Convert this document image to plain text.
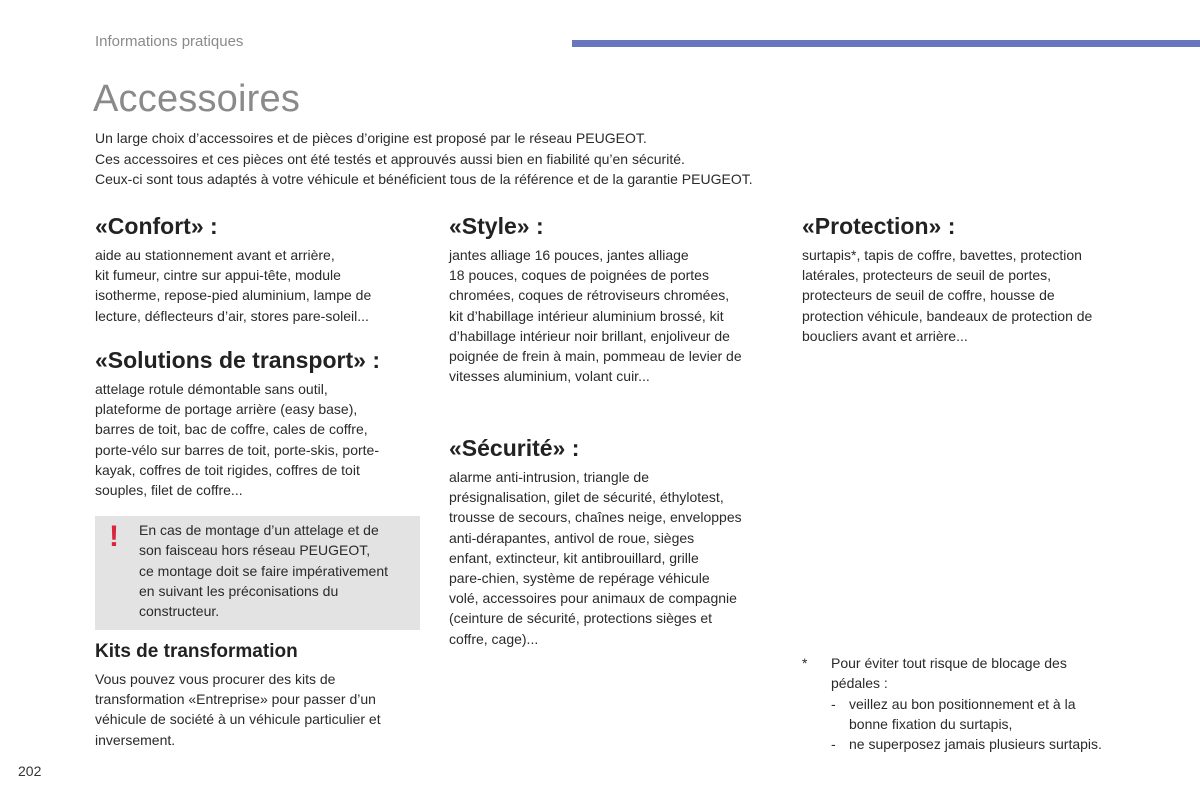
Informations pratiques
Accessoires
Un large choix d’accessoires et de pièces d’origine est proposé par le réseau PEUGEOT.
Ces accessoires et ces pièces ont été testés et approuvés aussi bien en fiabilité qu’en sécurité.
Ceux-ci sont tous adaptés à votre véhicule et bénéficient tous de la référence et de la garantie PEUGEOT.
«Confort» :
aide au stationnement avant et arrière,
kit fumeur, cintre sur appui-tête, module
isotherme, repose-pied aluminium, lampe de
lecture, déflecteurs d’air, stores pare-soleil...
«Solutions de transport» :
attelage rotule démontable sans outil,
plateforme de portage arrière (easy base),
barres de toit, bac de coffre, cales de coffre,
porte-vélo sur barres de toit, porte-skis, porte-
kayak, coffres de toit rigides, coffres de toit
souples, filet de coffre...
! En cas de montage d’un attelage et de
son faisceau hors réseau PEUGEOT,
ce montage doit se faire impérativement
en suivant les préconisations du
constructeur.
Kits de transformation
Vous pouvez vous procurer des kits de
transformation «Entreprise» pour passer d’un
véhicule de société à un véhicule particulier et
inversement.
«Style» :
jantes alliage 16 pouces, jantes alliage
18 pouces, coques de poignées de portes
chromées, coques de rétroviseurs chromées,
kit d’habillage intérieur aluminium brossé, kit
d’habillage intérieur noir brillant, enjoliveur de
poignée de frein à main, pommeau de levier de
vitesses aluminium, volant cuir...
«Sécurité» :
alarme anti-intrusion, triangle de
présignalisation, gilet de sécurité, éthylotest,
trousse de secours, chaînes neige, enveloppes
anti-dérapantes, antivol de roue, sièges
enfant, extincteur, kit antibrouillard, grille
pare-chien, système de repérage véhicule
volé, accessoires pour animaux de compagnie
(ceinture de sécurité, protections sièges et
coffre, cage)...
«Protection» :
surtapis*, tapis de coffre, bavettes, protection
latérales, protecteurs de seuil de portes,
protecteurs de seuil de coffre, housse de
protection véhicule, bandeaux de protection de
boucliers avant et arrière...
* Pour éviter tout risque de blocage des
pédales :
- veillez au bon positionnement et à la
bonne fixation du surtapis,
- ne superposez jamais plusieurs surtapis.
202
